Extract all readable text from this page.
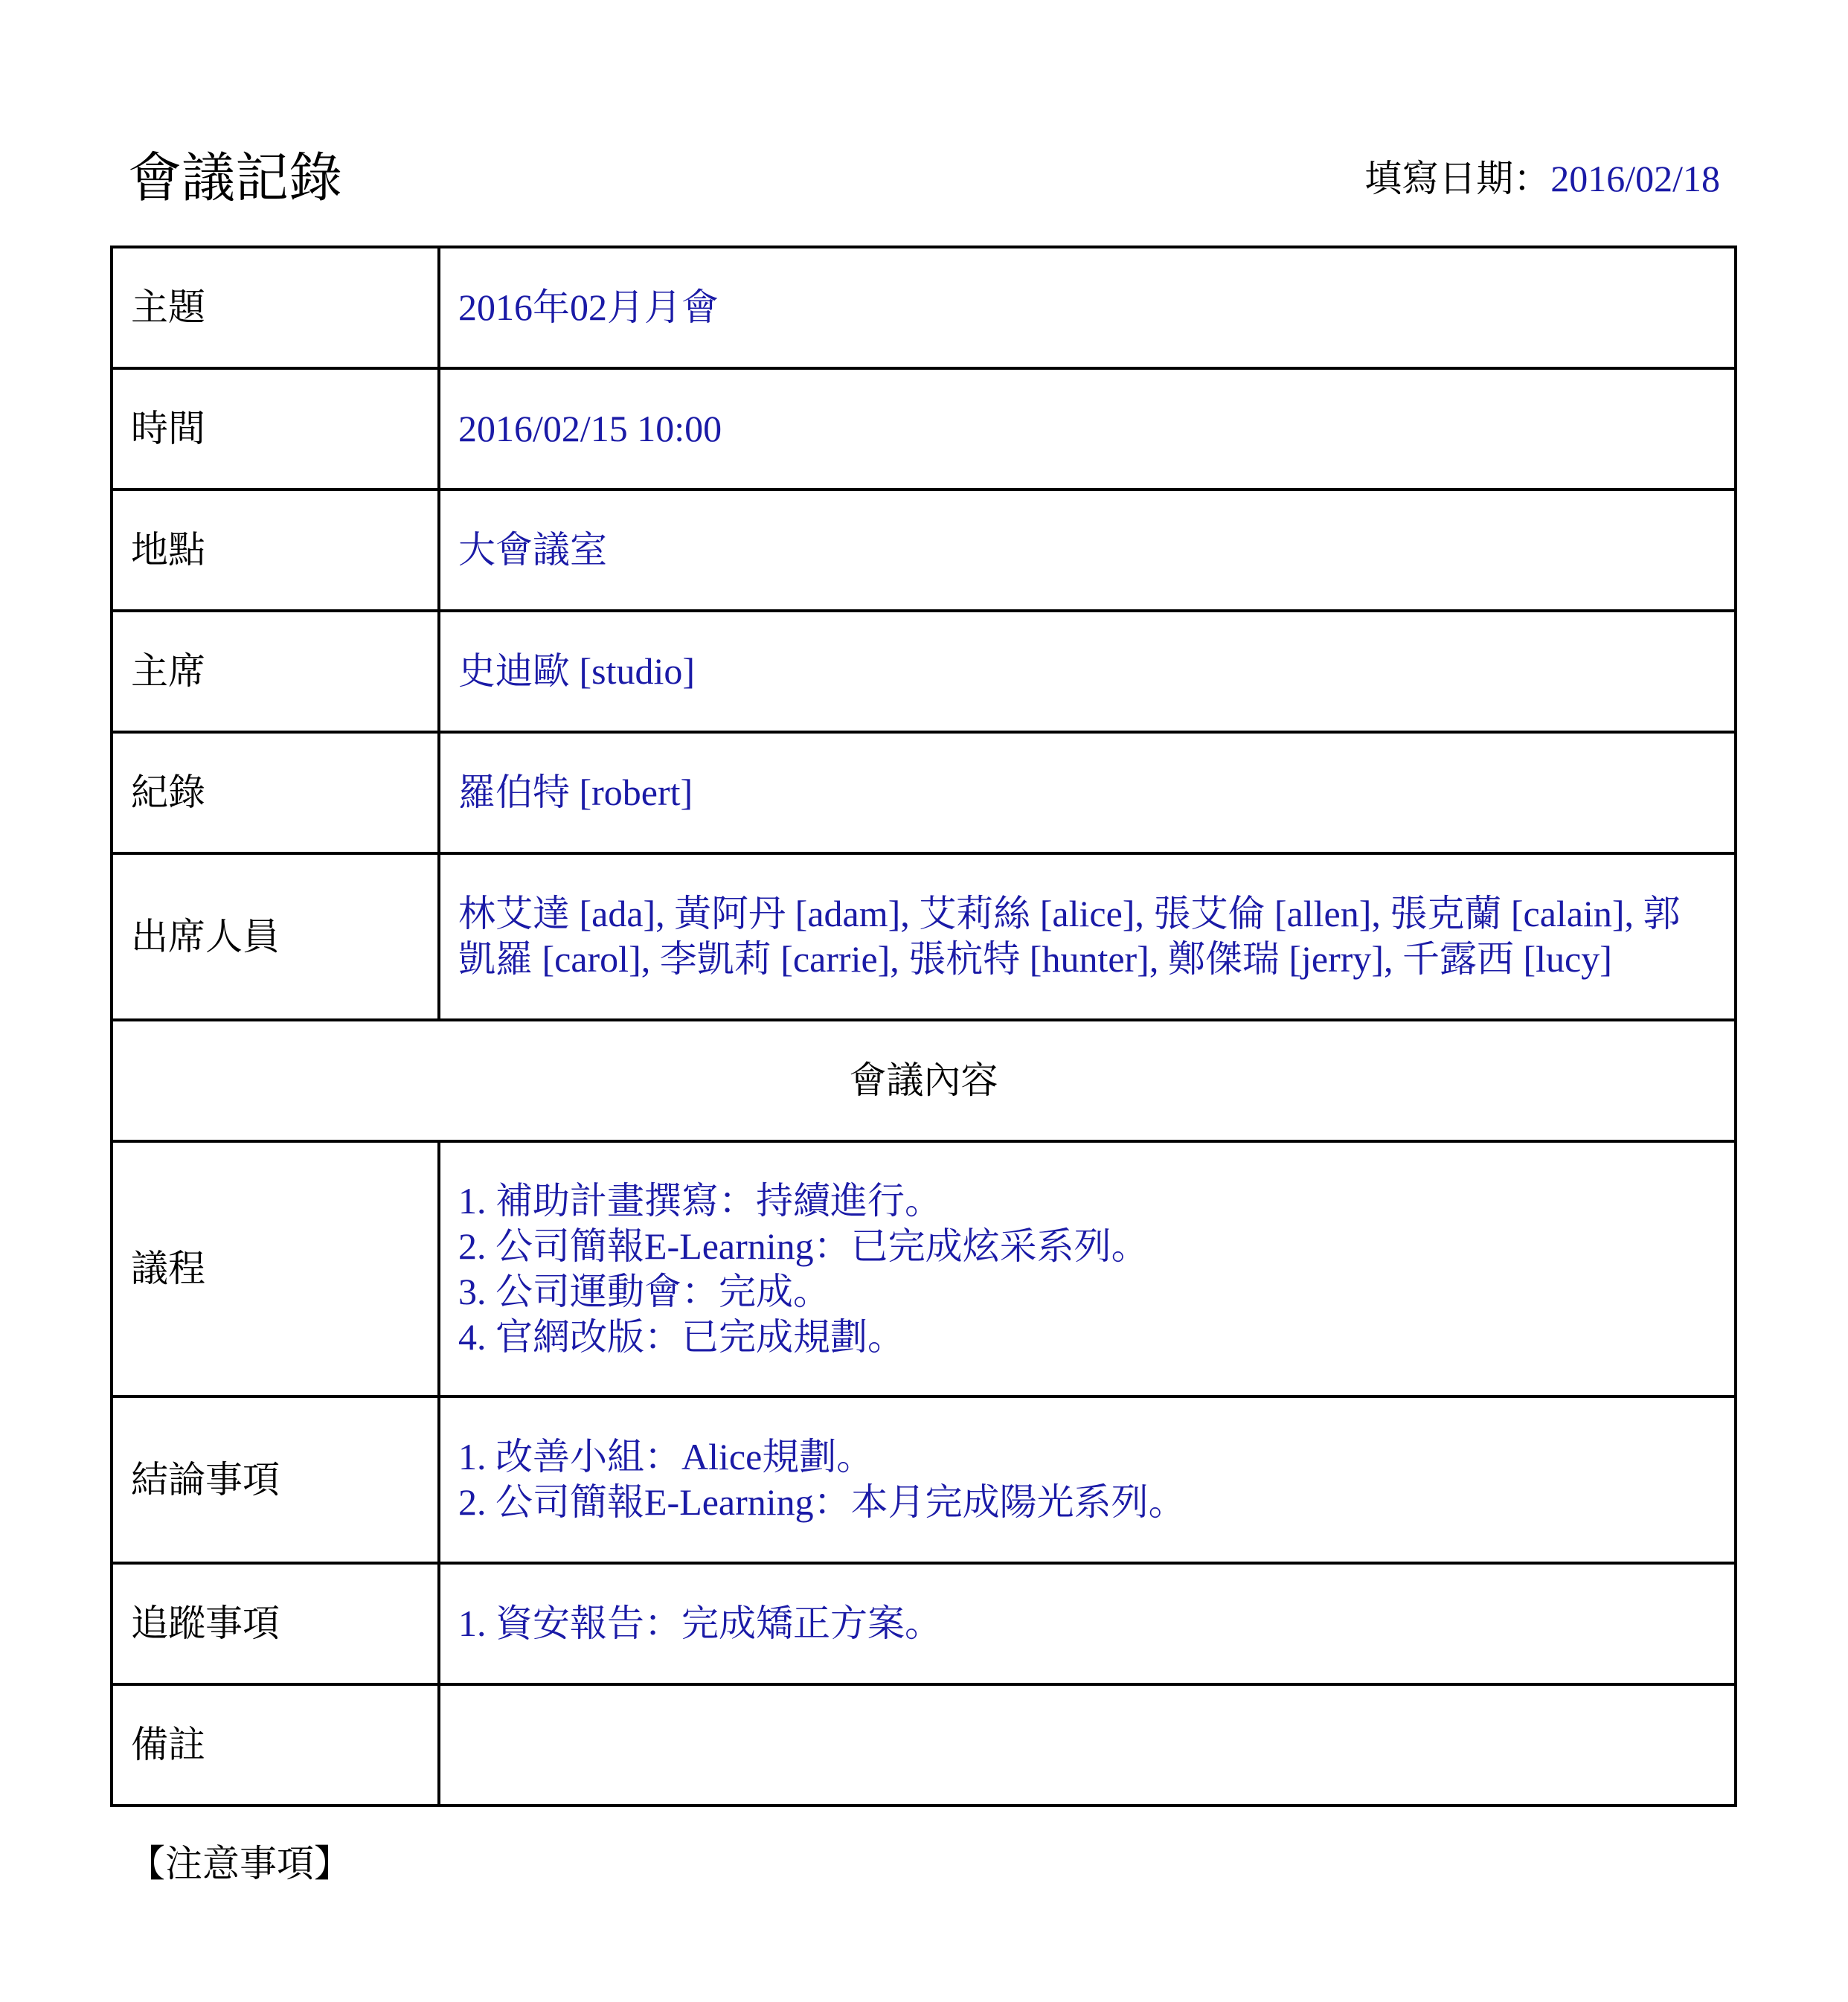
會議記錄	填寫日期：2016/02/18
主題	2016年02月月會
時間	2016/02/15 10:00
地點	大會議室
主席	史迪歐 [studio]
紀錄	羅伯特 [robert]
出席人員	林艾達 [ada], 黃阿丹 [adam], 艾莉絲 [alice], 張艾倫 [allen], 張克蘭 [calain], 郭凱羅 [carol], 李凱莉 [carrie], 張杭特 [hunter], 鄭傑瑞 [jerry], 千露西 [lucy]
會議內容	
議程	1. 補助計畫撰寫：持續進行。
2. 公司簡報E-Learning：已完成炫采系列。
3. 公司運動會：完成。
4. 官網改版：已完成規劃。

結論事項	1. 改善小組：Alice規劃。
2. 公司簡報E-Learning：本月完成陽光系列。

追蹤事項	1. 資安報告：完成矯正方案。

備註	
【注意事項】
